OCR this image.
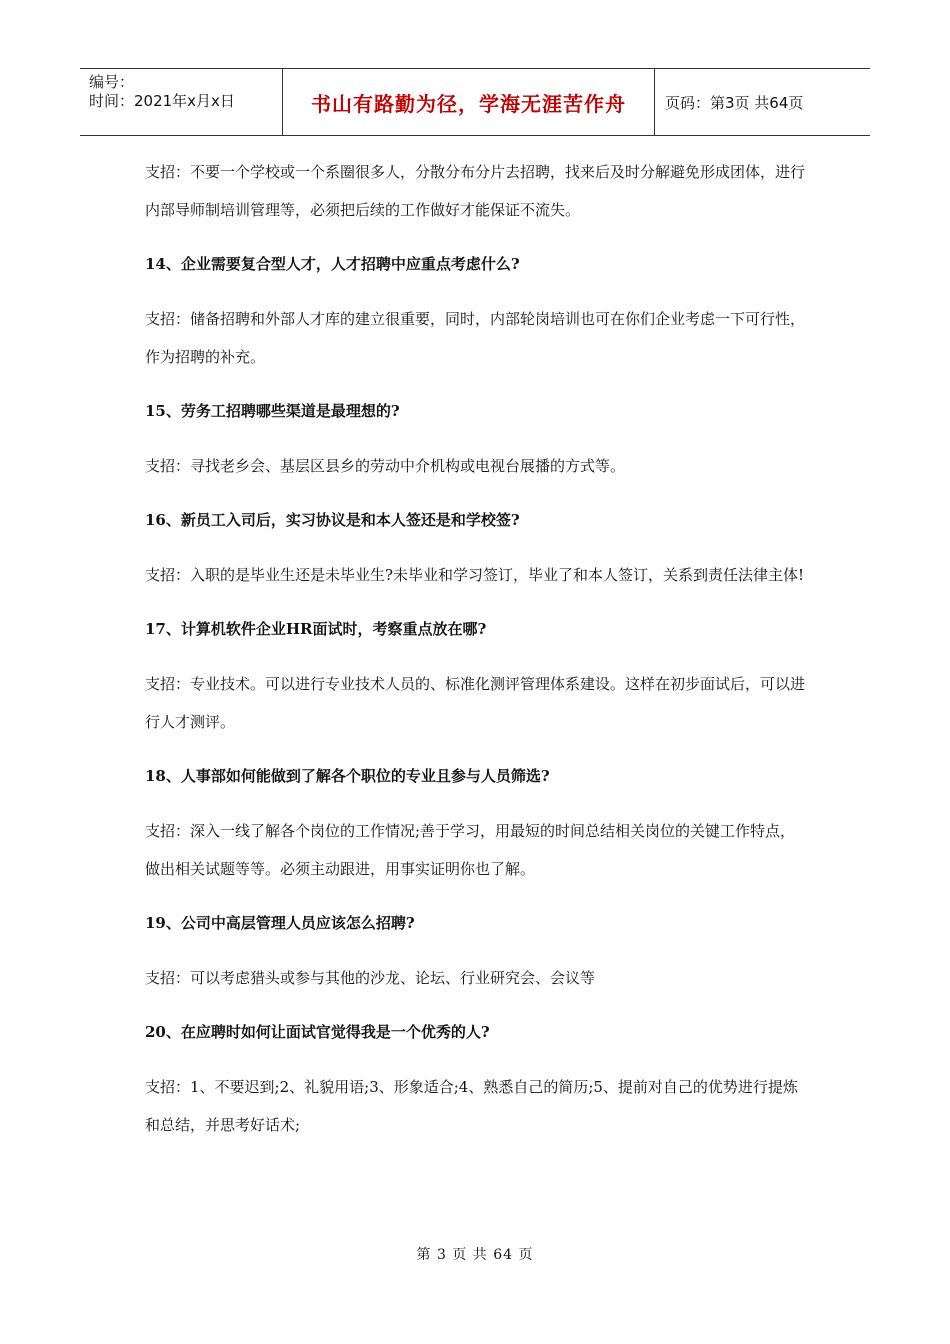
编号：
时间：2021年x月x日	书山有路勤为径，学海无涯苦作舟	页码：第3页 共64页

支招：不要一个学校或一个系圈很多人，分散分布分片去招聘，找来后及时分解避免形成团体，进行内部导师制培训管理等，必须把后续的工作做好才能保证不流失。

14、企业需要复合型人才，人才招聘中应重点考虑什么?

支招：储备招聘和外部人才库的建立很重要，同时，内部轮岗培训也可在你们企业考虑一下可行性，作为招聘的补充。

15、劳务工招聘哪些渠道是最理想的?

支招：寻找老乡会、基层区县乡的劳动中介机构或电视台展播的方式等。

16、新员工入司后，实习协议是和本人签还是和学校签?

支招：入职的是毕业生还是未毕业生?未毕业和学习签订，毕业了和本人签订，关系到责任法律主体!

17、计算机软件企业HR面试时，考察重点放在哪?

支招：专业技术。可以进行专业技术人员的、标准化测评管理体系建设。这样在初步面试后，可以进行人才测评。

18、人事部如何能做到了解各个职位的专业且参与人员筛选?

支招：深入一线了解各个岗位的工作情况;善于学习，用最短的时间总结相关岗位的关键工作特点，做出相关试题等等。必须主动跟进，用事实证明你也了解。

19、公司中高层管理人员应该怎么招聘?

支招：可以考虑猎头或参与其他的沙龙、论坛、行业研究会、会议等

20、在应聘时如何让面试官觉得我是一个优秀的人?

支招：1、不要迟到;2、礼貌用语;3、形象适合;4、熟悉自己的简历;5、提前对自己的优势进行提炼和总结，并思考好话术;

第 3 页 共 64 页
